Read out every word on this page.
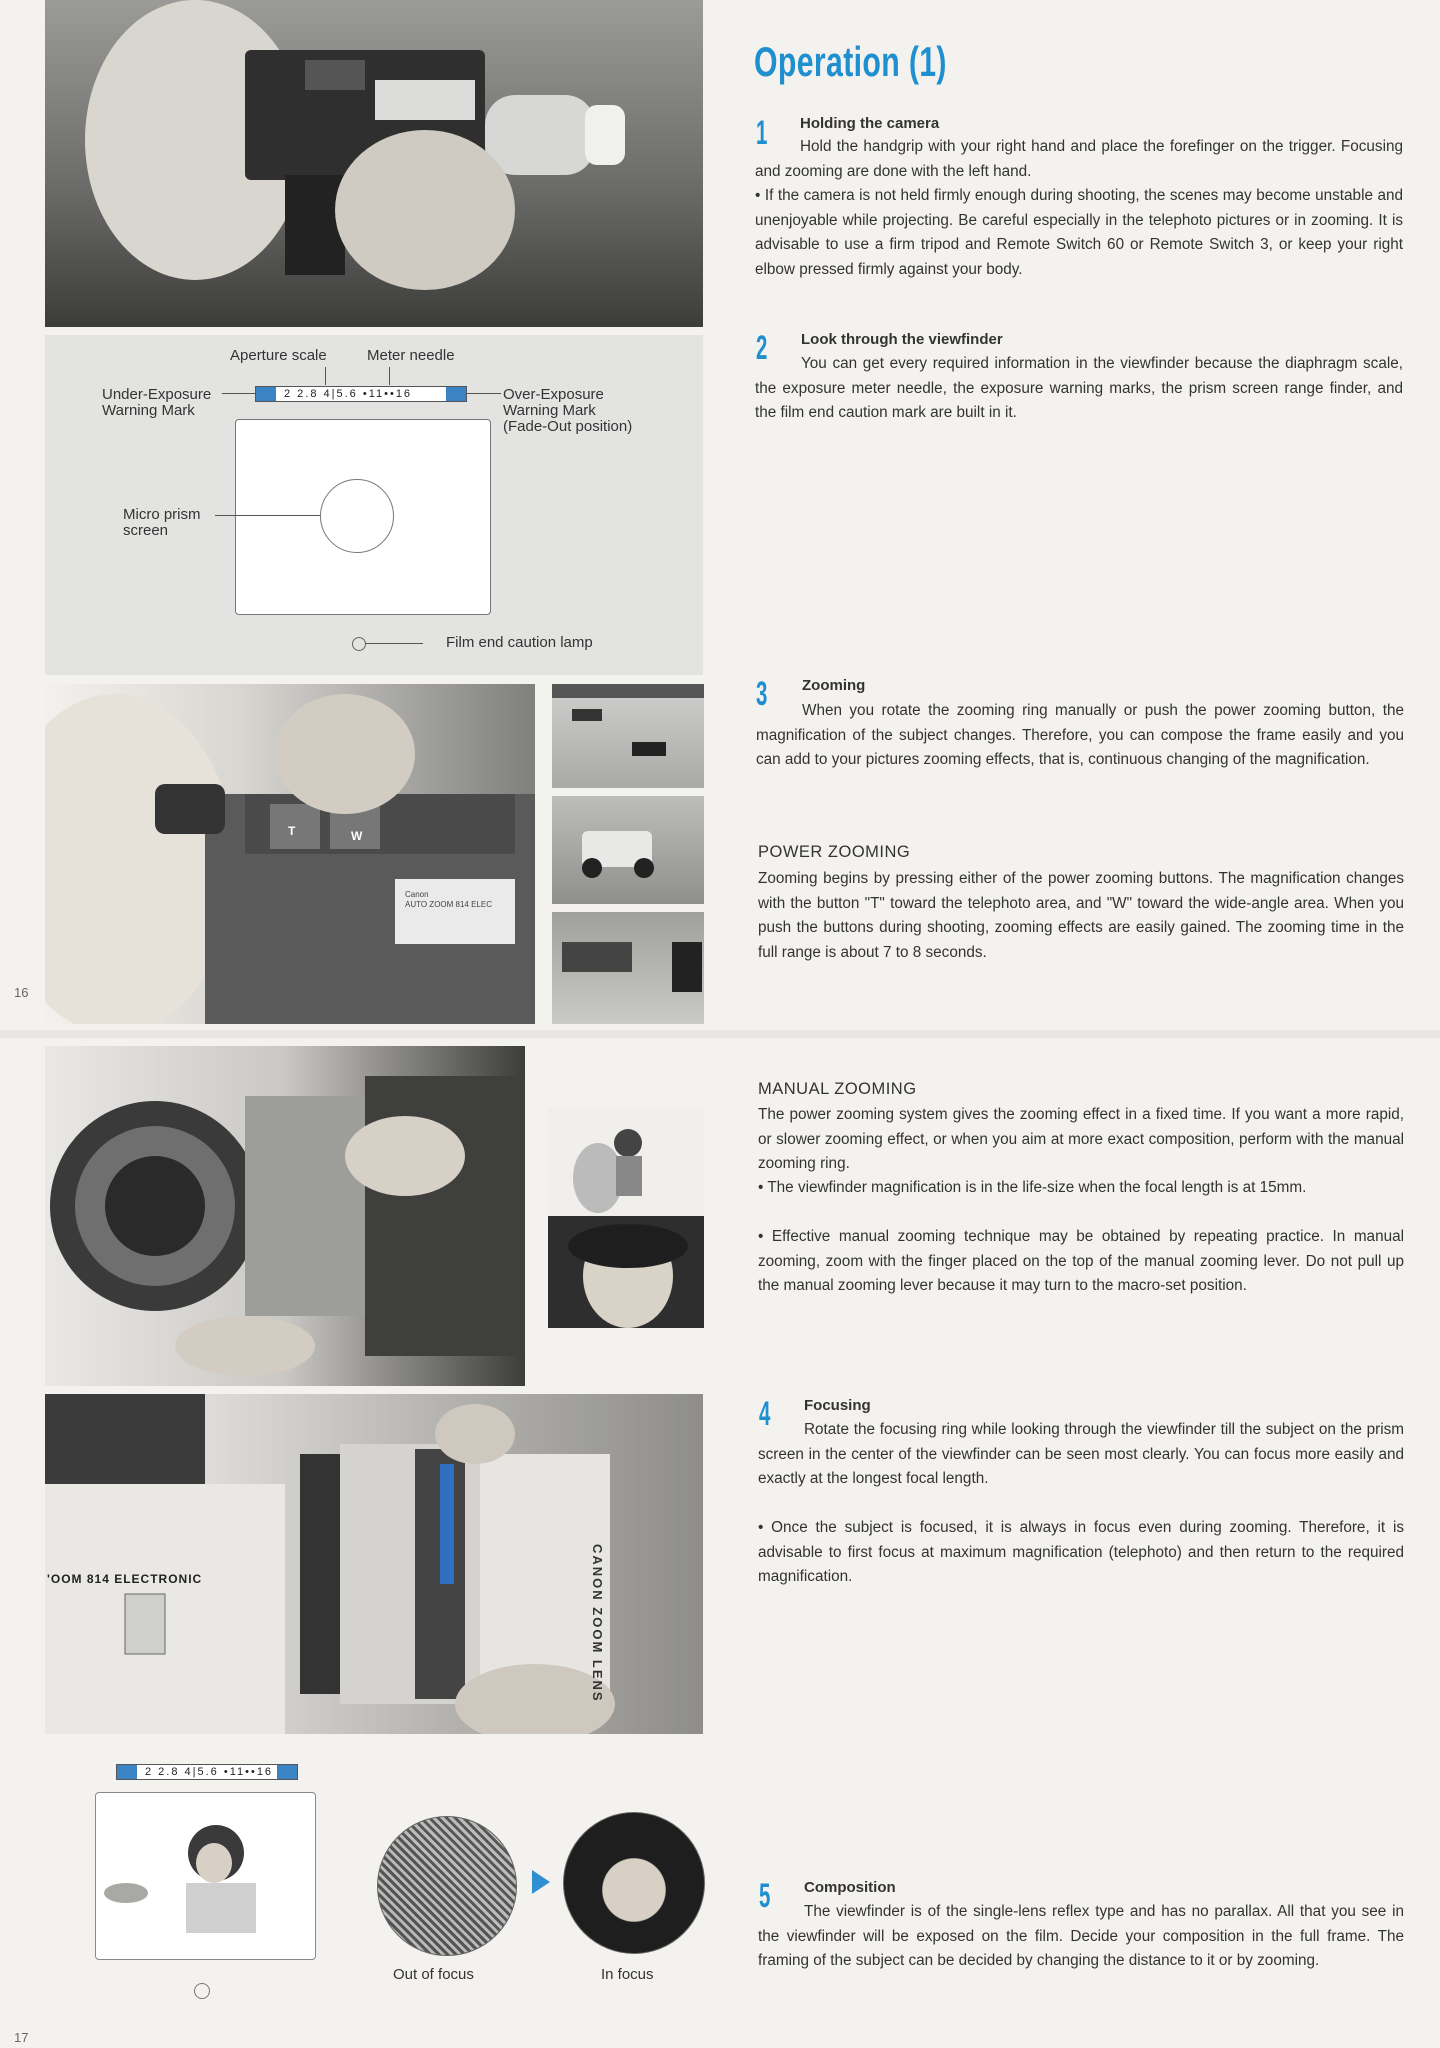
Aperture scale	Meter needle
Under-Exposure
Warning Mark
2 2.8 4|5.6 •11••16	Over-Exposure
Warning Mark
(Fade-Out position)
Micro prism
screen
Film end caution lamp
T	W
Canon
AUTO ZOOM 814 ELEC
16
'OOM 814 ELECTRONIC	CANON ZOOM LENS
2 2.8 4|5.6 •11••16
Out of focus	In focus
17
Operation (1)
1 Holding the camera

Hold the handgrip with your right hand and place the forefinger on the trigger. Focusing and zooming are done with the left hand.

• If the camera is not held firmly enough during shooting, the scenes may become unstable and unenjoyable while projecting. Be careful especially in the telephoto pictures or in zooming. It is advisable to use a firm tripod and Remote Switch 60 or Remote Switch 3, or keep your right elbow pressed firmly against your body.

2 Look through the viewfinder

You can get every required information in the viewfinder because the diaphragm scale, the exposure meter needle, the exposure warning marks, the prism screen range finder, and the film end caution mark are built in it.

3 Zooming

When you rotate the zooming ring manually or push the power zooming button, the magnification of the subject changes. Therefore, you can compose the frame easily and you can add to your pictures zooming effects, that is, continuous changing of the magnification.

POWER ZOOMING

Zooming begins by pressing either of the power zooming buttons. The magnification changes with the button "T" toward the telephoto area, and "W" toward the wide-angle area. When you push the buttons during shooting, zooming effects are easily gained. The zooming time in the full range is about 7 to 8 seconds.

MANUAL ZOOMING

The power zooming system gives the zooming effect in a fixed time. If you want a more rapid, or slower zooming effect, or when you aim at more exact composition, perform with the manual zooming ring.

• The viewfinder magnification is in the life-size when the focal length is at 15mm.

• Effective manual zooming technique may be obtained by repeating practice. In manual zooming, zoom with the finger placed on the top of the manual zooming lever. Do not pull up the manual zooming lever because it may turn to the macro-set position.

4 Focusing

Rotate the focusing ring while looking through the viewfinder till the subject on the prism screen in the center of the viewfinder can be seen most clearly. You can focus more easily and exactly at the longest focal length.

• Once the subject is focused, it is always in focus even during zooming. Therefore, it is advisable to first focus at maximum magnification (telephoto) and then return to the required magnification.

5 Composition

The viewfinder is of the single-lens reflex type and has no parallax. All that you see in the viewfinder will be exposed on the film. Decide your composition in the full frame. The framing of the subject can be decided by changing the distance to it or by zooming.
